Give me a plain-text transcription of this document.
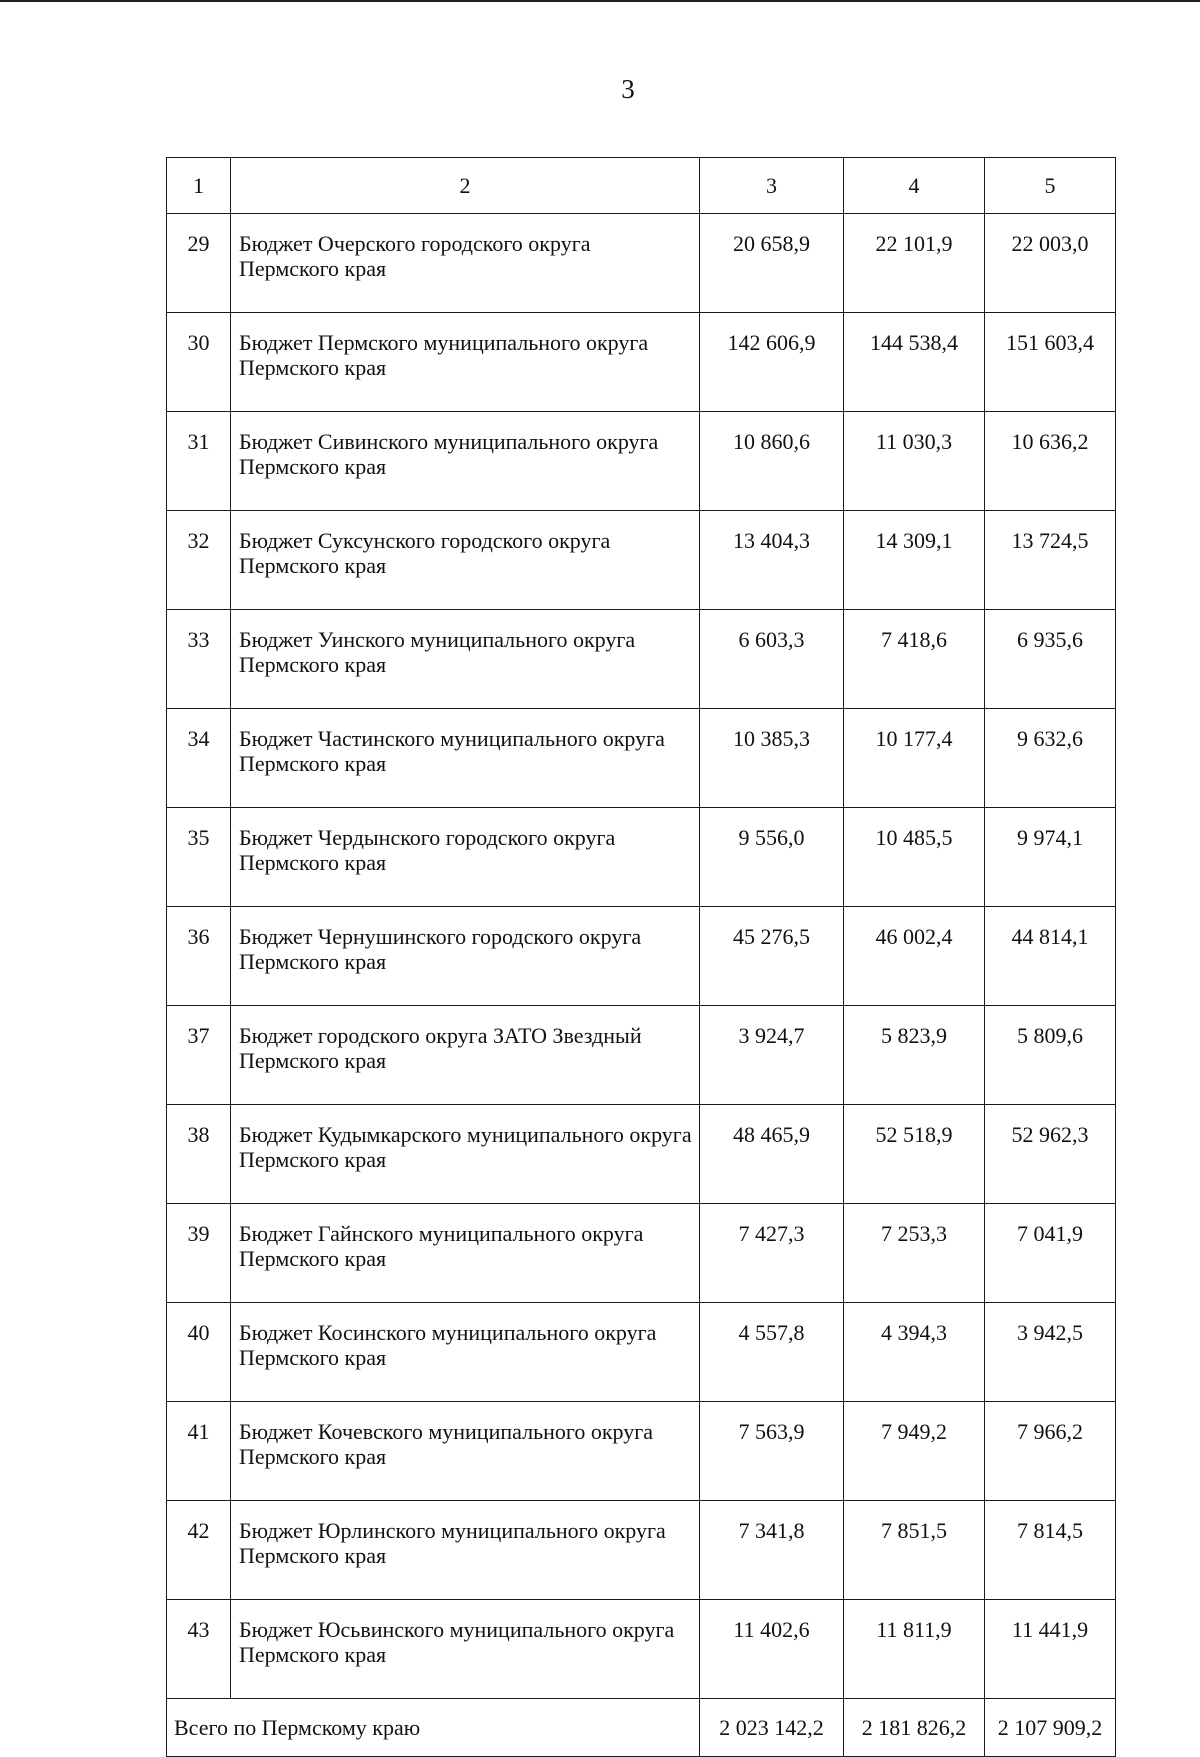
3
1	2	3	4	5
29	Бюджет Очерского городского округа Пермского края	20 658,9	22 101,9	22 003,0
30	Бюджет Пермского муниципального округа Пермского края	142 606,9	144 538,4	151 603,4
31	Бюджет Сивинского муниципального округа Пермского края	10 860,6	11 030,3	10 636,2
32	Бюджет Суксунского городского округа Пермского края	13 404,3	14 309,1	13 724,5
33	Бюджет Уинского муниципального округа Пермского края	6 603,3	7 418,6	6 935,6
34	Бюджет Частинского муниципального округа Пермского края	10 385,3	10 177,4	9 632,6
35	Бюджет Чердынского городского округа Пермского края	9 556,0	10 485,5	9 974,1
36	Бюджет Чернушинского городского округа Пермского края	45 276,5	46 002,4	44 814,1
37	Бюджет городского округа ЗАТО Звездный Пермского края	3 924,7	5 823,9	5 809,6
38	Бюджет Кудымкарского муниципального округа Пермского края	48 465,9	52 518,9	52 962,3
39	Бюджет Гайнского муниципального округа Пермского края	7 427,3	7 253,3	7 041,9
40	Бюджет Косинского муниципального округа Пермского края	4 557,8	4 394,3	3 942,5
41	Бюджет Кочевского муниципального округа Пермского края	7 563,9	7 949,2	7 966,2
42	Бюджет Юрлинского муниципального округа Пермского края	7 341,8	7 851,5	7 814,5
43	Бюджет Юсьвинского муниципального округа Пермского края	11 402,6	11 811,9	11 441,9
Всего по Пермскому краю		2 023 142,2	2 181 826,2	2 107 909,2
